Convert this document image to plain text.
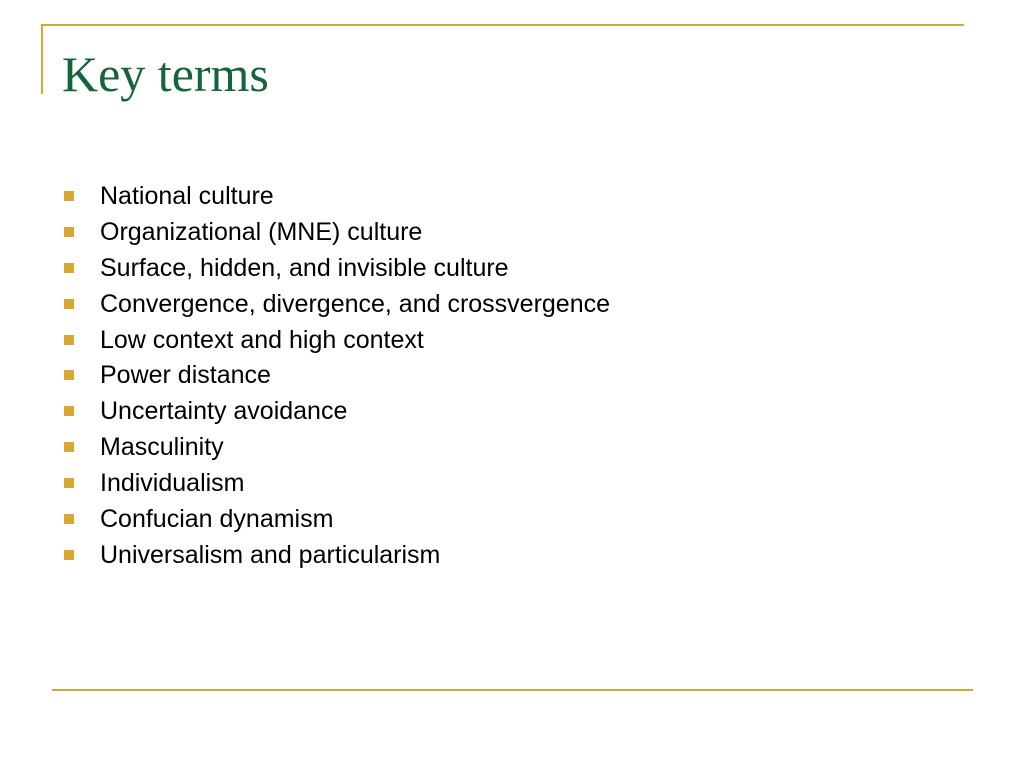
Key terms
National culture
Organizational (MNE) culture
Surface, hidden, and invisible culture
Convergence, divergence, and crossvergence
Low context and high context
Power distance
Uncertainty avoidance
Masculinity
Individualism
Confucian dynamism
Universalism and particularism
